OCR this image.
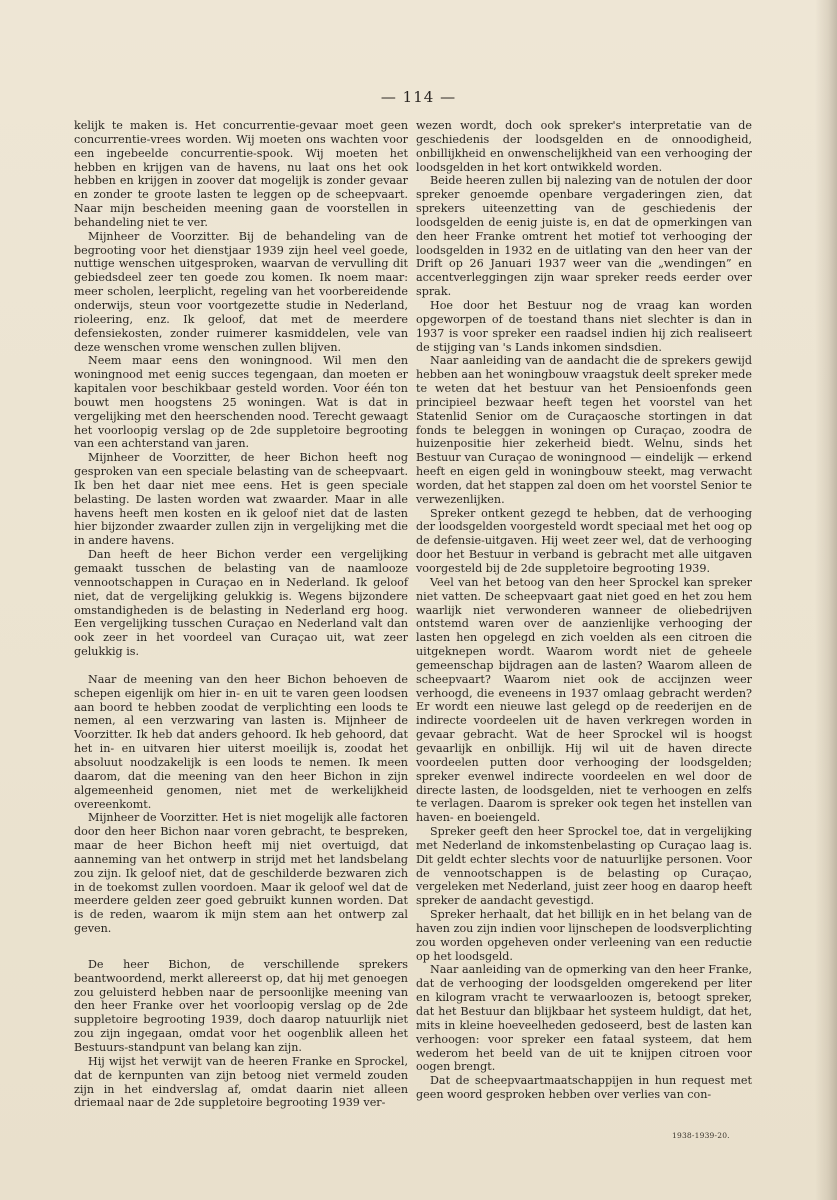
— 114 —

kelijk te maken is. Het concurrentie-gevaar moet geen concurrentie-vrees worden. Wij moeten ons wachten voor een ingebeelde concurrentie-spook. Wij moeten het hebben en krijgen van de havens, nu laat ons het ook hebben en krijgen in zoover dat mogelijk is zonder gevaar en zonder te groote lasten te leggen op de scheepvaart. Naar mijn bescheiden meening gaan de voorstellen in behandeling niet te ver.

Mijnheer de Voorzitter. Bij de behandeling van de begrooting voor het dienstjaar 1939 zijn heel veel goede, nuttige wenschen uitgesproken, waarvan de vervulling dit gebiedsdeel zeer ten goede zou komen. Ik noem maar: meer scholen, leerplicht, regeling van het voorbereidende onderwijs, steun voor voortgezette studie in Nederland, rioleering, enz. Ik geloof, dat met de meerdere defensiekosten, zonder ruimerer kasmiddelen, vele van deze wenschen vrome wenschen zullen blijven.

Neem maar eens den woningnood. Wil men den woningnood met eenig succes tegengaan, dan moeten er kapitalen voor beschikbaar gesteld worden. Voor één ton bouwt men hoogstens 25 woningen. Wat is dat in vergelijking met den heerschenden nood. Terecht gewaagt het voorloopig verslag op de 2de suppletoire begrooting van een achterstand van jaren.

Mijnheer de Voorzitter, de heer Bichon heeft nog gesproken van een speciale belasting van de scheepvaart. Ik ben het daar niet mee eens. Het is geen speciale belasting. De lasten worden wat zwaarder. Maar in alle havens heeft men kosten en ik geloof niet dat de lasten hier bijzonder zwaarder zullen zijn in vergelijking met die in andere havens.

Dan heeft de heer Bichon verder een vergelijking gemaakt tusschen de belasting van de naamlooze vennootschappen in Curaçao en in Nederland. Ik geloof niet, dat de vergelijking gelukkig is. Wegens bijzondere omstandigheden is de belasting in Nederland erg hoog. Een vergelijking tusschen Curaçao en Nederland valt dan ook zeer in het voordeel van Curaçao uit, wat zeer gelukkig is.

Naar de meening van den heer Bichon behoeven de schepen eigenlijk om hier in- en uit te varen geen loodsen aan boord te hebben zoodat de verplichting een loods te nemen, al een verzwaring van lasten is. Mijnheer de Voorzitter. Ik heb dat anders gehoord. Ik heb gehoord, dat het in- en uitvaren hier uiterst moeilijk is, zoodat het absoluut noodzakelijk is een loods te nemen. Ik meen daarom, dat die meening van den heer Bichon in zijn algemeenheid genomen, niet met de werkelijkheid overeenkomt.

Mijnheer de Voorzitter. Het is niet mogelijk alle factoren door den heer Bichon naar voren gebracht, te bespreken, maar de heer Bichon heeft mij niet overtuigd, dat aanneming van het ontwerp in strijd met het landsbelang zou zijn. Ik geloof niet, dat de geschilderde bezwaren zich in de toekomst zullen voordoen. Maar ik geloof wel dat de meerdere gelden zeer goed gebruikt kunnen worden. Dat is de reden, waarom ik mijn stem aan het ontwerp zal geven.

De heer Bichon, de verschillende sprekers beantwoordend, merkt allereerst op, dat hij met genoegen zou geluisterd hebben naar de persoonlijke meening van den heer Franke over het voorloopig verslag op de 2de suppletoire begrooting 1939, doch daarop natuurlijk niet zou zijn ingegaan, omdat voor het oogenblik alleen het Bestuurs-standpunt van belang kan zijn.

Hij wijst het verwijt van de heeren Franke en Sprockel, dat de kernpunten van zijn betoog niet vermeld zouden zijn in het eindverslag af, omdat daarin niet alleen driemaal naar de 2de suppletoire begrooting 1939 ver-

wezen wordt, doch ook spreker's interpretatie van de geschiedenis der loodsgelden en de onnoodigheid, onbillijkheid en onwenschelijkheid van een verhooging der loodsgelden in het kort ontwikkeld worden.

Beide heeren zullen bij nalezing van de notulen der door spreker genoemde openbare vergaderingen zien, dat sprekers uiteenzetting van de geschiedenis der loodsgelden de eenig juiste is, en dat de opmerkingen van den heer Franke omtrent het motief tot verhooging der loodsgelden in 1932 en de uitlating van den heer van der Drift op 26 Januari 1937 weer van die „wendingen” en accentverleggingen zijn waar spreker reeds eerder over sprak.

Hoe door het Bestuur nog de vraag kan worden opgeworpen of de toestand thans niet slechter is dan in 1937 is voor spreker een raadsel indien hij zich realiseert de stijging van 's Lands inkomen sindsdien.

Naar aanleiding van de aandacht die de sprekers gewijd hebben aan het woningbouw vraagstuk deelt spreker mede te weten dat het bestuur van het Pensioenfonds geen principieel bezwaar heeft tegen het voorstel van het Statenlid Senior om de Curaçaosche stortingen in dat fonds te beleggen in woningen op Curaçao, zoodra de huizenpositie hier zekerheid biedt. Welnu, sinds het Bestuur van Curaçao de woningnood — eindelijk — erkend heeft en eigen geld in woningbouw steekt, mag verwacht worden, dat het stappen zal doen om het voorstel Senior te verwezenlijken.

Spreker ontkent gezegd te hebben, dat de verhooging der loodsgelden voorgesteld wordt speciaal met het oog op de defensie-uitgaven. Hij weet zeer wel, dat de verhooging door het Bestuur in verband is gebracht met alle uitgaven voorgesteld bij de 2de suppletoire begrooting 1939.

Veel van het betoog van den heer Sprockel kan spreker niet vatten. De scheepvaart gaat niet goed en het zou hem waarlijk niet verwonderen wanneer de oliebedrijven ontstemd waren over de aanzienlijke verhooging der lasten hen opgelegd en zich voelden als een citroen die uitgeknepen wordt. Waarom wordt niet de geheele gemeenschap bijdragen aan de lasten? Waarom alleen de scheepvaart? Waarom niet ook de accijnzen weer verhoogd, die eveneens in 1937 omlaag gebracht werden? Er wordt een nieuwe last gelegd op de reederijen en de indirecte voordeelen uit de haven verkregen worden in gevaar gebracht. Wat de heer Sprockel wil is hoogst gevaarlijk en onbillijk. Hij wil uit de haven directe voordeelen putten door verhooging der loodsgelden; spreker evenwel indirecte voordeelen en wel door de directe lasten, de loodsgelden, niet te verhoogen en zelfs te verlagen. Daarom is spreker ook tegen het instellen van haven- en boeiengeld.

Spreker geeft den heer Sprockel toe, dat in vergelijking met Nederland de inkomstenbelasting op Curaçao laag is. Dit geldt echter slechts voor de natuurlijke personen. Voor de vennootschappen is de belasting op Curaçao, vergeleken met Nederland, juist zeer hoog en daarop heeft spreker de aandacht gevestigd.

Spreker herhaalt, dat het billijk en in het belang van de haven zou zijn indien voor lijnschepen de loodsverplichting zou worden opgeheven onder verleening van een reductie op het loodsgeld.

Naar aanleiding van de opmerking van den heer Franke, dat de verhooging der loodsgelden omgerekend per liter en kilogram vracht te verwaarloozen is, betoogt spreker, dat het Bestuur dan blijkbaar het systeem huldigt, dat het, mits in kleine hoeveelheden gedoseerd, best de lasten kan verhoogen: voor spreker een fataal systeem, dat hem wederom het beeld van de uit te knijpen citroen voor oogen brengt.

Dat de scheepvaartmaatschappijen in hun request met geen woord gesproken hebben over verlies van con-

1938-1939-20.
